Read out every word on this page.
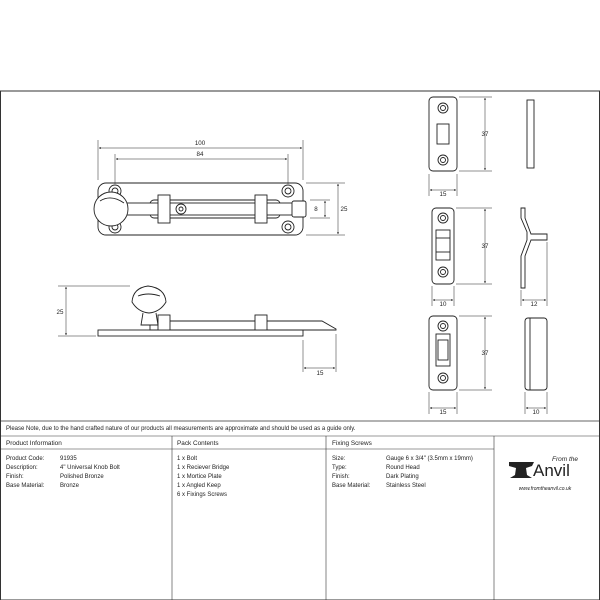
100
84
8	25
25
15
37
15
37
10	12
37
15	10
Please Note, due to the hand crafted nature of our products all measurements are approximate and should be used as a guide only.
Product Information	Pack Contents	Fixing Screws
Product Code:	91935
Description:	4" Universal Knob Bolt
Finish:	Polished Bronze
Base Material:	Bronze
1 x Bolt
1 x Reciever Bridge
1 x Mortice Plate
1 x Angled Keep
6 x Fixings Screws
Size:	Gauge 6 x 3/4" (3.5mm x 19mm)
Type:	Round Head
Finish:	Dark Plating
Base Material:	Stainless Steel
From the
Anvil
www.fromtheanvil.co.uk
